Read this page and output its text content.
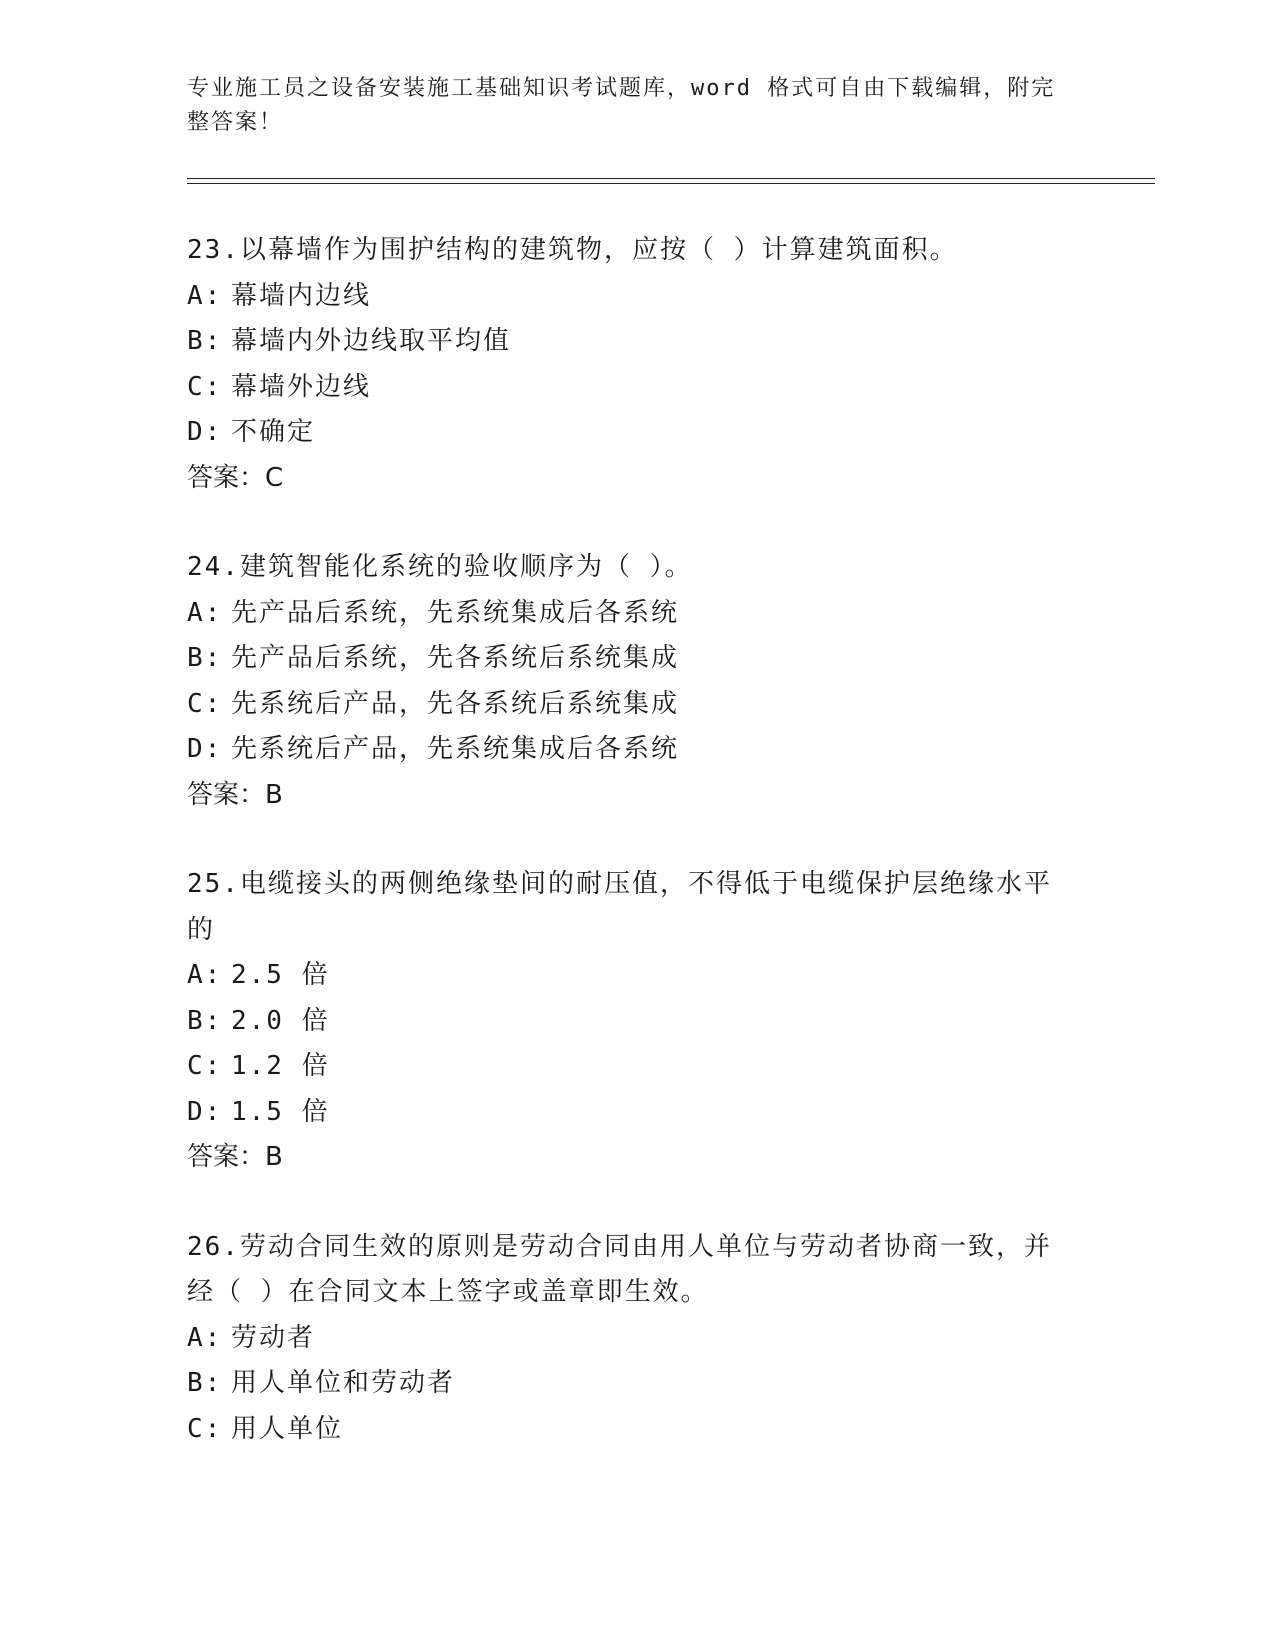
专业施工员之设备安装施工基础知识考试题库，word 格式可自由下载编辑，附完
整答案！

23.以幕墙作为围护结构的建筑物，应按（ ）计算建筑面积。

A: 幕墙内边线

B: 幕墙内外边线取平均值

C: 幕墙外边线

D: 不确定

答案：C

24.建筑智能化系统的验收顺序为（ ）。

A: 先产品后系统，先系统集成后各系统

B: 先产品后系统，先各系统后系统集成

C: 先系统后产品，先各系统后系统集成

D: 先系统后产品，先系统集成后各系统

答案：B

25.电缆接头的两侧绝缘垫间的耐压值，不得低于电缆保护层绝缘水平的

A: 2.5 倍

B: 2.0 倍

C: 1.2 倍

D: 1.5 倍

答案：B

26.劳动合同生效的原则是劳动合同由用人单位与劳动者协商一致，并经（ ）在合同文本上签字或盖章即生效。

A: 劳动者

B: 用人单位和劳动者

C: 用人单位
